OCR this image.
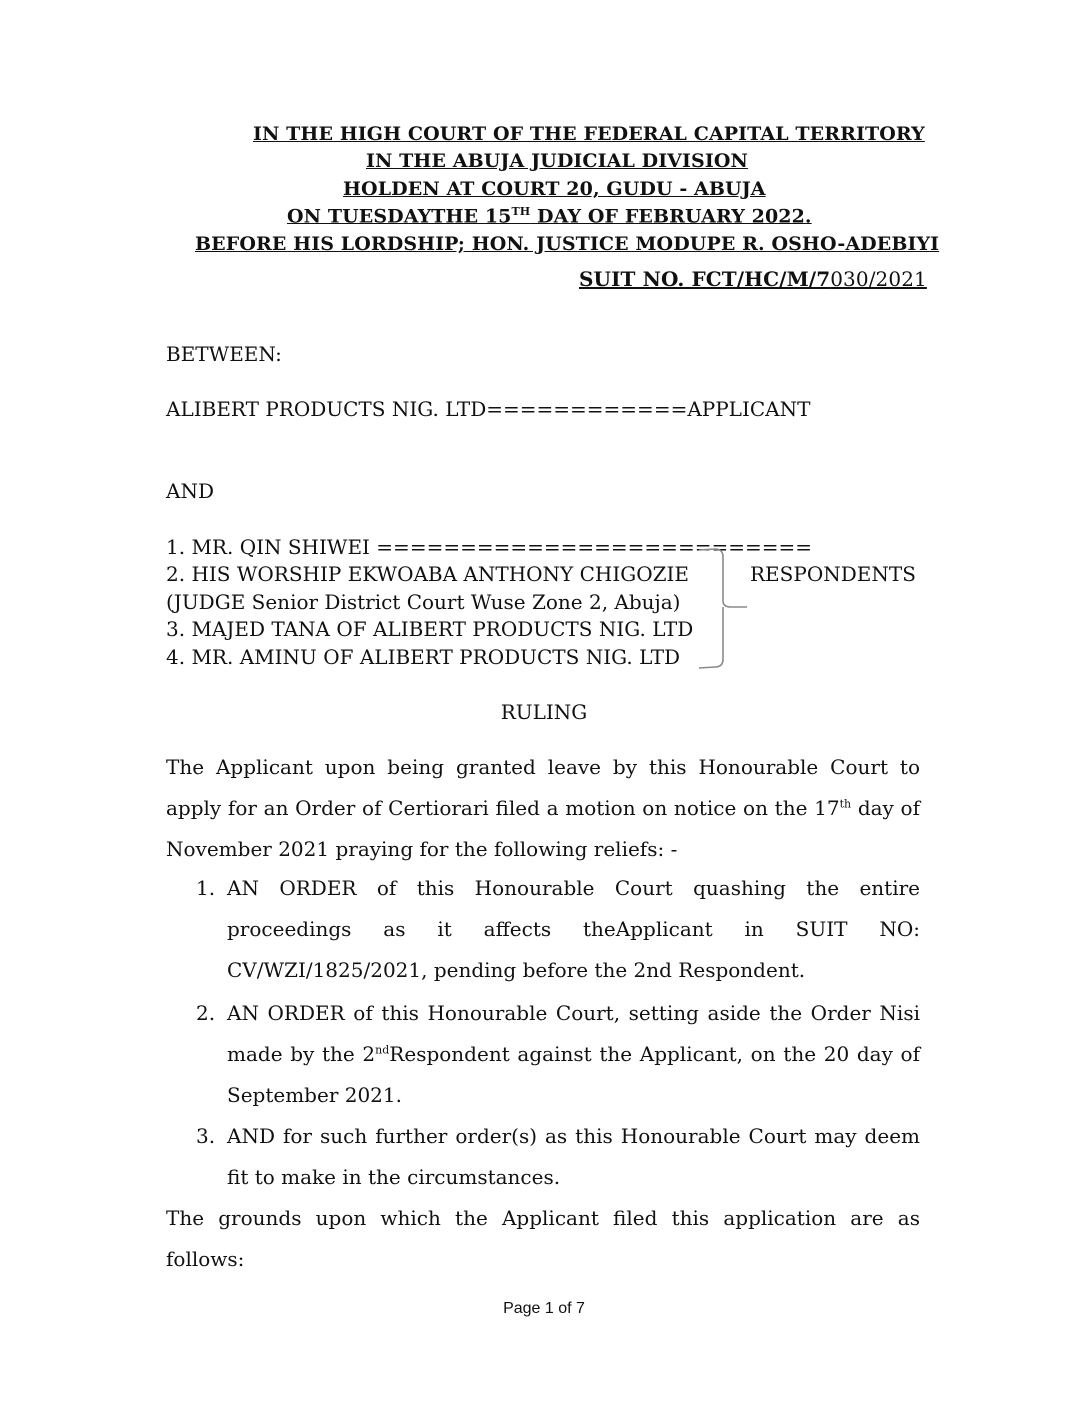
IN THE HIGH COURT OF THE FEDERAL CAPITAL TERRITORY
IN THE ABUJA JUDICIAL DIVISION
HOLDEN AT COURT 20, GUDU - ABUJA
ON TUESDAYTHE 15TH DAY OF FEBRUARY 2022.
BEFORE HIS LORDSHIP; HON. JUSTICE MODUPE R. OSHO-ADEBIYI
SUIT NO. FCT/HC/M/7030/2021
BETWEEN:
ALIBERT PRODUCTS NIG. LTD============APPLICANT
AND
1. MR. QIN SHIWEI ==========================
2. HIS WORSHIP EKWOABA ANTHONY CHIGOZIE
(JUDGE Senior District Court Wuse Zone 2, Abuja)
3. MAJED TANA OF ALIBERT PRODUCTS NIG. LTD
4. MR. AMINU OF ALIBERT PRODUCTS NIG. LTD
RESPONDENTS
RULING

The Applicant upon being granted leave by this Honourable Court to apply for an Order of Certiorari filed a motion on notice on the 17th day of November 2021 praying for the following reliefs: -

1. AN ORDER of this Honourable Court quashing the entire proceedings as it affects theApplicant in SUIT NO: CV/WZI/1825/2021, pending before the 2nd Respondent.
2. AN ORDER of this Honourable Court, setting aside the Order Nisi made by the 2ndRespondent against the Applicant, on the 20 day of September 2021.
3. AND for such further order(s) as this Honourable Court may deem fit to make in the circumstances.

The grounds upon which the Applicant filed this application are as follows:

Page 1 of 7
